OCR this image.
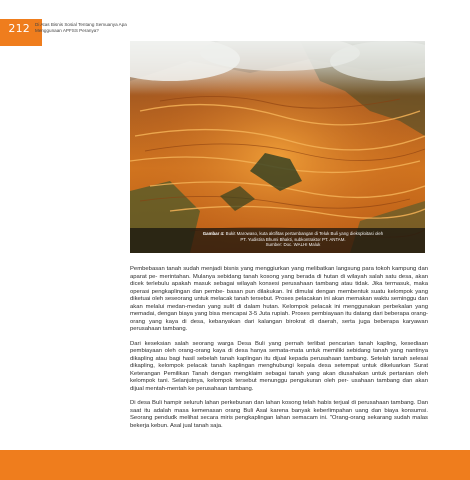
212 Di Atas Bisnis Sosial Tentang Semuanya Apa
Menggunaan APFSS Peranya?
Gambar 4: Bukit Marowaso, kuta aktifitas pertambangan di Teluk Buli yang dieksploitasi oleh
PT. Yudistira Bhumi Bhakti, subkontraktor PT. ANTAM.
Sumber: Doc. WALHI Maluk

Pembebasan tanah sudah menjadi bisnis yang menggiurkan yang melibatkan langsung para tokoh kampung dan aparat pe- merintahan. Mulanya sebidang tanah kosong yang berada di hutan di wilayah salah satu desa, akan dicek terlebulu apakah masuk sebagai wilayah konsesi perusahaan tambang atau tidak. Jika termasuk, maka operasi pengkaplingan dan pembe- basan pun dilakukan. Ini dimulai dengan membentuk suatu kelompok yang diketuai oleh seseorang untuk melacak tanah tersebut. Proses pelacakan ini akan memakan waktu seminggu dan akan melalui medan-medan yang sulit di dalam hutan. Kelompok pelacak ini menggunakan perbekalan yang memadai, dengan biaya yang bisa mencapai 3-5 Juta rupiah. Proses pembiayaan itu datang dari beberapa orang-orang yang kaya di desa, kebanyakan dari kalangan birokrat di daerah, serta juga beberapa karyawan perusahaan tambang.

Dari keseksian salah seorang warga Desa Buli yang pernah terlibat pencarian tanah kapling, kesediaan pembiayaan oleh orang-orang kaya di desa hanya semata-mata untuk memiliki sebidang tanah yang nantinya dikapling atau bagi hasil sebelah tanah kaplingan itu dijual kepada perusahaan tambang. Setelah tanah selesai dikapling, kelompok pelacak tanah kaplingan menghubungi kepala desa setempat untuk dikeluarkan Surat Keterangan Pemilikan Tanah dengan mengklaim sebagai tanah yang akan diusahakan untuk pertanian oleh kelompok tani. Selanjutnya, kelompok tersebut menunggu pengukuran oleh per- usahaan tambang dan akan dijual mentah-mentah ke perusahaan tambang.

Di desa Buli hampir seluruh lahan perkebunan dan lahan kosong telah habis terjual di perusahaan tambang. Dan saat itu adalah masa kemenasan orang Buli Asal karena banyak keberlimpahan uang dan biaya konsumsi. Seorang pendudk melihat secara miris pengkaplingan lahan semacam ini. "Orang-orang sekarang sudah malas bekerja kebun. Asal jual tanah saja.
